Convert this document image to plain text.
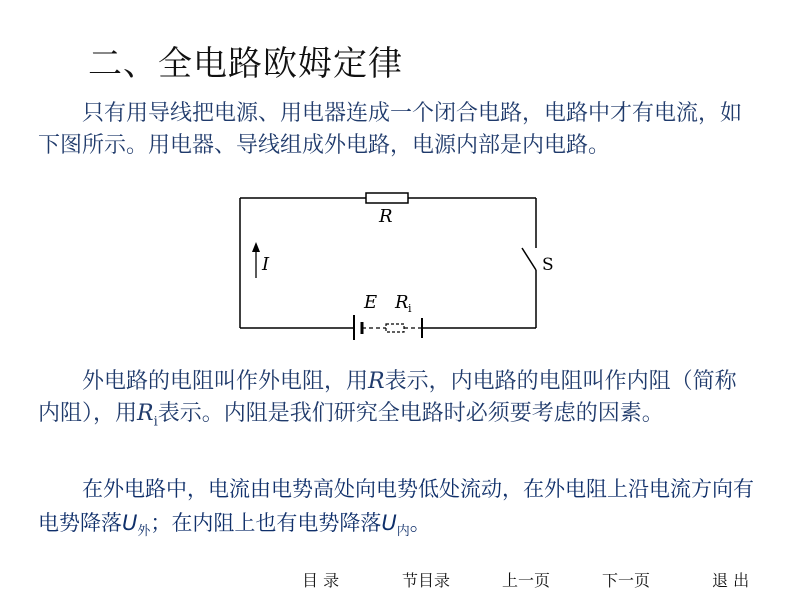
二、全电路欧姆定律
只有用导线把电源、用电器连成一个闭合电路，电路中才有电流，如下图所示。用电器、导线组成外电路，电源内部是内电路。
R
I	S
E R i
外电路的电阻叫作外电阻，用R表示，内电路的电阻叫作内阻（简称内阻），用$R_i$表示。内阻是我们研究全电路时必须要考虑的因素。
在外电路中，电流由电势高处向电势低处流动，在外电阻上沿电流方向有电势降落$U_外$；在内阻上也有电势降落$U_内$。
目 录	节目录	上一页	下一页	退 出
